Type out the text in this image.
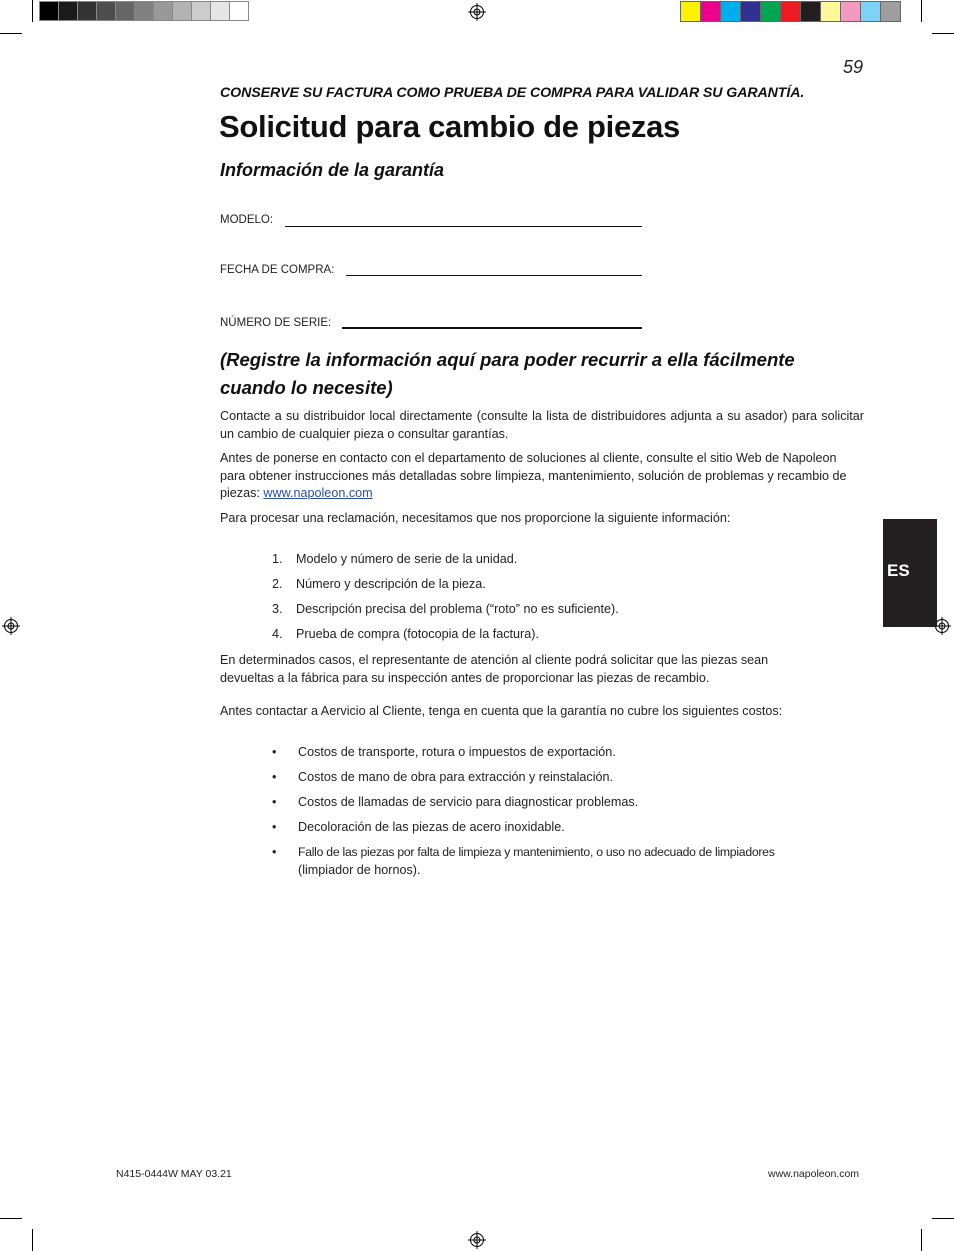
59
CONSERVE SU FACTURA COMO PRUEBA DE COMPRA PARA VALIDAR SU GARANTÍA.
Solicitud para cambio de piezas
Información de la garantía
MODELO:
FECHA DE COMPRA:
NÚMERO DE SERIE:

(Registre la información aquí para poder recurrir a ella fácilmente cuando lo necesite)

Contacte a su distribuidor local directamente (consulte la lista de distribuidores adjunta a su asador) para solicitar un cambio de cualquier pieza o consultar garantías.

Antes de ponerse en contacto con el departamento de soluciones al cliente, consulte el sitio Web de Napoleon para obtener instrucciones más detalladas sobre limpieza, mantenimiento, solución de problemas y recambio de piezas: www.napoleon.com

Para procesar una reclamación, necesitamos que nos proporcione la siguiente información:

1. Modelo y número de serie de la unidad.
2. Número y descripción de la pieza.
3. Descripción precisa del problema (“roto” no es suficiente).
4. Prueba de compra (fotocopia de la factura).

En determinados casos, el representante de atención al cliente podrá solicitar que las piezas sean devueltas a la fábrica para su inspección antes de proporcionar las piezas de recambio.

Antes contactar a Aervicio al Cliente, tenga en cuenta que la garantía no cubre los siguientes costos:

• Costos de transporte, rotura o impuestos de exportación.
• Costos de mano de obra para extracción y reinstalación.
• Costos de llamadas de servicio para diagnosticar problemas.
• Decoloración de las piezas de acero inoxidable.
• Fallo de las piezas por falta de limpieza y mantenimiento, o uso no adecuado de limpiadores
(limpiador de hornos).
ES
N415-0444W MAY 03.21	www.napoleon.com
